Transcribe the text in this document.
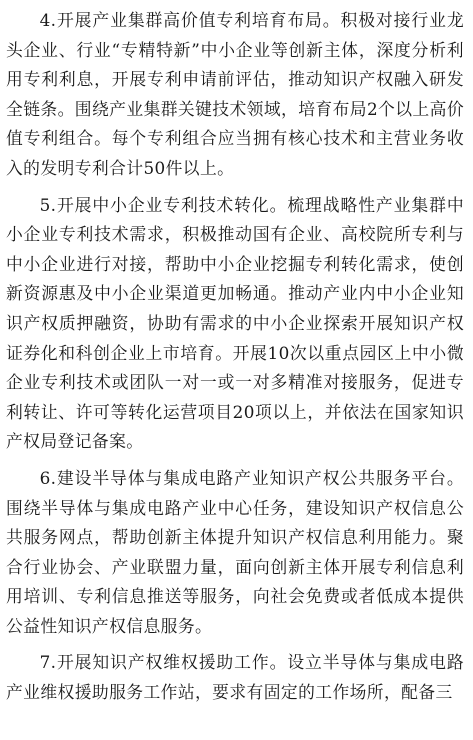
4.开展产业集群高价值专利培育布局。积极对接行业龙头企业、行业“专精特新”中小企业等创新主体，深度分析利用专利利息，开展专利申请前评估，推动知识产权融入研发全链条。围绕产业集群关键技术领域，培育布局2个以上高价值专利组合。每个专利组合应当拥有核心技术和主营业务收入的发明专利合计50件以上。

5.开展中小企业专利技术转化。梳理战略性产业集群中小企业专利技术需求，积极推动国有企业、高校院所专利与中小企业进行对接，帮助中小企业挖掘专利转化需求，使创新资源惠及中小企业渠道更加畅通。推动产业内中小企业知识产权质押融资，协助有需求的中小企业探索开展知识产权证券化和科创企业上市培育。开展10次以重点园区上中小微企业专利技术或团队一对一或一对多精准对接服务，促进专利转让、许可等转化运营项目20项以上，并依法在国家知识产权局登记备案。

6.建设半导体与集成电路产业知识产权公共服务平台。围绕半导体与集成电路产业中心任务，建设知识产权信息公共服务网点，帮助创新主体提升知识产权信息利用能力。聚合行业协会、产业联盟力量，面向创新主体开展专利信息利用培训、专利信息推送等服务，向社会免费或者低成本提供公益性知识产权信息服务。

7.开展知识产权维权援助工作。设立半导体与集成电路产业维权援助服务工作站，要求有固定的工作场所，配备三
